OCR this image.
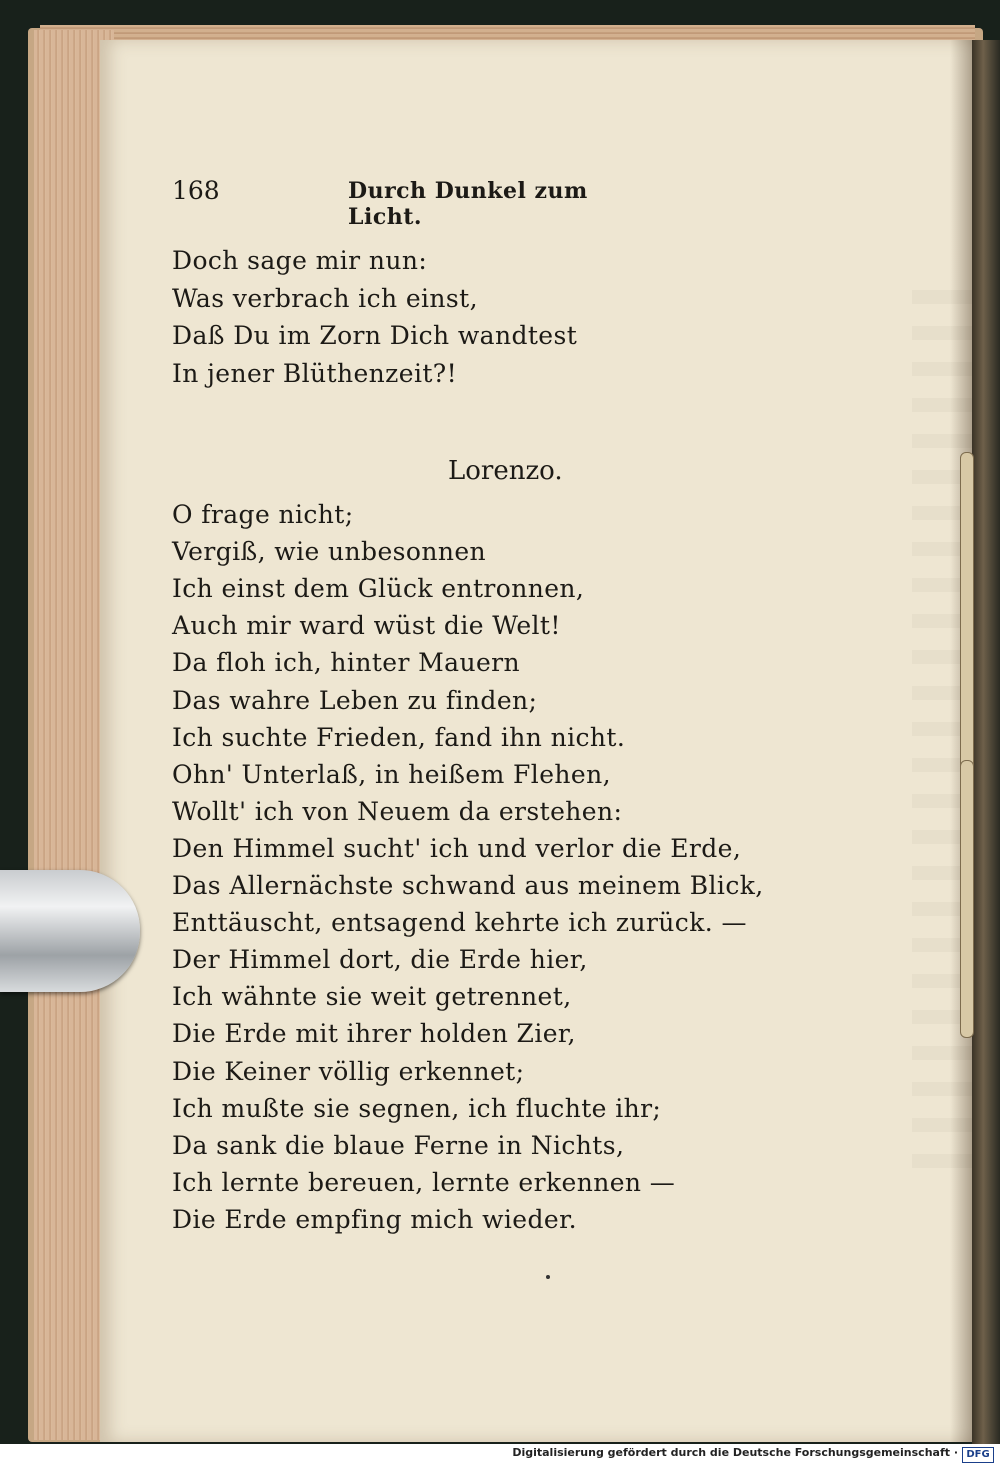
168	Durch Dunkel zum Licht.
Doch sage mir nun:
Was verbrach ich einst,
Daß Du im Zorn Dich wandtest
In jener Blüthenzeit?!
Lorenzo.
O frage nicht;
Vergiß, wie unbesonnen
Ich einst dem Glück entronnen,
Auch mir ward wüst die Welt!
Da floh ich, hinter Mauern
Das wahre Leben zu finden;
Ich suchte Frieden, fand ihn nicht.
Ohn' Unterlaß, in heißem Flehen,
Wollt' ich von Neuem da erstehen:
Den Himmel sucht' ich und verlor die Erde,
Das Allernächste schwand aus meinem Blick,
Enttäuscht, entsagend kehrte ich zurück. —
Der Himmel dort, die Erde hier,
Ich wähnte sie weit getrennet,
Die Erde mit ihrer holden Zier,
Die Keiner völlig erkennet;
Ich mußte sie segnen, ich fluchte ihr;
Da sank die blaue Ferne in Nichts,
Ich lernte bereuen, lernte erkennen —
Die Erde empfing mich wieder.
Digitalisierung gefördert durch die Deutsche Forschungsgemeinschaft · DFG
